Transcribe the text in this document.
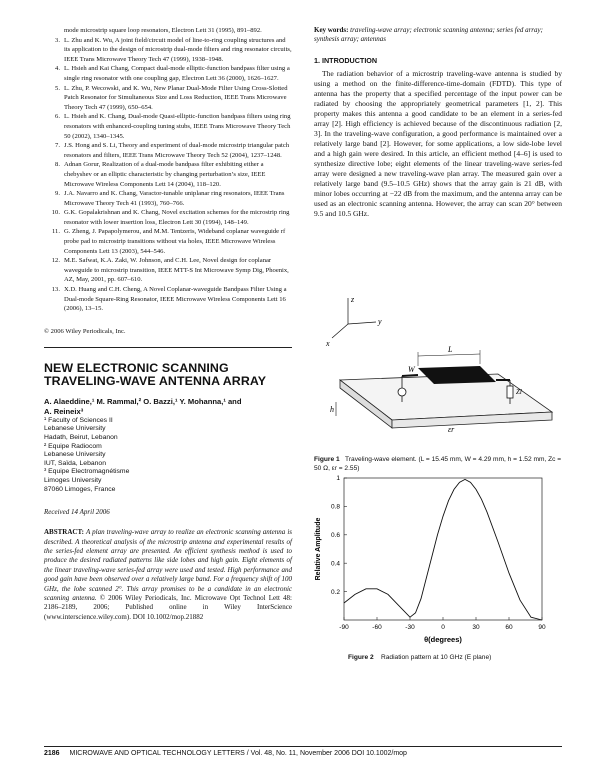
mode microstrip square loop resonators, Electron Lett 31 (1995), 891–892.
3. L. Zhu and K. Wu, A joint field/circuit model of line-to-ring coupling structures and its application to the design of microstrip dual-mode filters and ring resonator circuits, IEEE Trans Microwave Theory Tech 47 (1999), 1938–1948.
4. L. Hsieh and Kai Chang, Compact dual-mode elliptic-function bandpass filter using a single ring resonator with one coupling gap, Electron Lett 36 (2000), 1626–1627.
5. L. Zhu, P. Wecowski, and K. Wu, New Planar Dual-Mode Filter Using Cross-Slotted Patch Resonator for Simultaneous Size and Loss Reduction, IEEE Trans Microwave Theory Tech 47 (1999), 650–654.
6. L. Hsieh and K. Chang, Dual-mode Quasi-elliptic-function bandpass filters using ring resonators with enhanced-coupling tuning stubs, IEEE Trans Microwave Theory Tech 50 (2002), 1340–1345.
7. J.S. Hong and S. Li, Theory and experiment of dual-mode microstrip triangular patch resonators and filters, IEEE Trans Microwave Theory Tech 52 (2004), 1237–1248.
8. Adnan Gorur, Realization of a dual-mode bandpass filter exhibiting either a chebyshev or an elliptic characteristic by changing perturbation’s size, IEEE Microwave Wireless Components Lett 14 (2004), 118–120.
9. J.A. Navarro and K. Chang, Varactor-tunable uniplanar ring resonators, IEEE Trans Microwave Theory Tech 41 (1993), 760–766.
10. G.K. Gopalakrishnan and K. Chang, Novel excitation schemes for the microstrip ring resonator with lower insertion loss, Electron Lett 30 (1994), 148–149.
11. G. Zheng, J. Papapolymerou, and M.M. Tentzeris, Wideband coplanar waveguide rf probe pad to microstrip transitions without via holes, IEEE Microwave Wireless Components Lett 13 (2003), 544–546.
12. M.E. Safwat, K.A. Zaki, W. Johnson, and C.H. Lee, Novel design for coplanar waveguide to microstrip transition, IEEE MTT-S Int Microwave Symp Dig, Phoenix, AZ, May, 2001, pp. 607–610.
13. X.D. Huang and C.H. Cheng, A Novel Coplanar-waveguide Bandpass Filter Using a Dual-mode Square-Ring Resonator, IEEE Microwave Wireless Components Lett 16 (2006), 13–15.
© 2006 Wiley Periodicals, Inc.
NEW ELECTRONIC SCANNING
TRAVELING-WAVE ANTENNA ARRAY
A. Alaeddine,¹ M. Rammal,² O. Bazzi,¹ Y. Mohanna,¹ and
A. Reineix³
¹ Faculty of Sciences II
Lebanese University
Hadath, Beirut, Lebanon
² Equipe Radiocom
Lebanese University
IUT, Saïda, Lebanon
³ Equipe Electromagnétisme
Limoges University
87060 Limoges, France
Received 14 April 2006
ABSTRACT: A plan traveling-wave array to realize an electronic scanning antenna is described. A theoretical analysis of the microstrip antenna and experimental results of the series-fed element array are presented. An efficient synthesis method is used to produce the desired radiated patterns like side lobes and high gain. Eight elements of the linear traveling-wave series-fed array were used and tested. High performance and good gain have been observed over a relatively large band. For a frequency shift of 100 GHz, the lobe scanned 2°. This array promises to be a candidate in an electronic scanning antenna. © 2006 Wiley Periodicals, Inc. Microwave Opt Technol Lett 48: 2186–2189, 2006; Published online in Wiley InterScience (www.interscience.wiley.com). DOI 10.1002/mop.21882
Key words: traveling-wave array; electronic scanning antenna; series fed array; synthesis array; antennas
1. INTRODUCTION
The radiation behavior of a microstrip traveling-wave antenna is studied by using a method on the finite-difference-time-domain (FDTD). This type of antenna has the property that a specified percentage of the input power can be radiated by choosing the appropriately geometrical parameters [1, 2]. This property makes this antenna a good candidate to be an element in a series-fed array [2]. High efficiency is achieved because of the discontinuous radiation [2, 3]. In the traveling-wave configuration, a good performance is maintained over a relatively large band [2]. However, for some applications, a low side-lobe level and a high gain were desired. In this article, an efficient method [4–6] is used to synthesize directive lobe; eight elements of the linear traveling-wave series-fed array were designed a new traveling-wave plan array. The measured gain over a relatively large band (9.5–10.5 GHz) shows that the array gain is 21 dB, with minor lobes occurring at −22 dB from the maximum, and the antenna array can be used as an electronic scanning antenna. However, the array can scan 20° between 9.5 and 10.5 GHz.
L
W
Zl
h
εr
z
y
x
Figure 1 Traveling-wave element. (L = 15.45 mm, W = 4.29 mm, h = 1.52 mm, Zc = 50 Ω, εr = 2.55)
-90	-60	-30	0	30	60	90
0.2
0.4
0.6
0.8
1
θ(degrees)
Relative Amplitude
Figure 2 Radiation pattern at 10 GHz (E plane)
2186 MICROWAVE AND OPTICAL TECHNOLOGY LETTERS / Vol. 48, No. 11, November 2006 DOI 10.1002/mop
